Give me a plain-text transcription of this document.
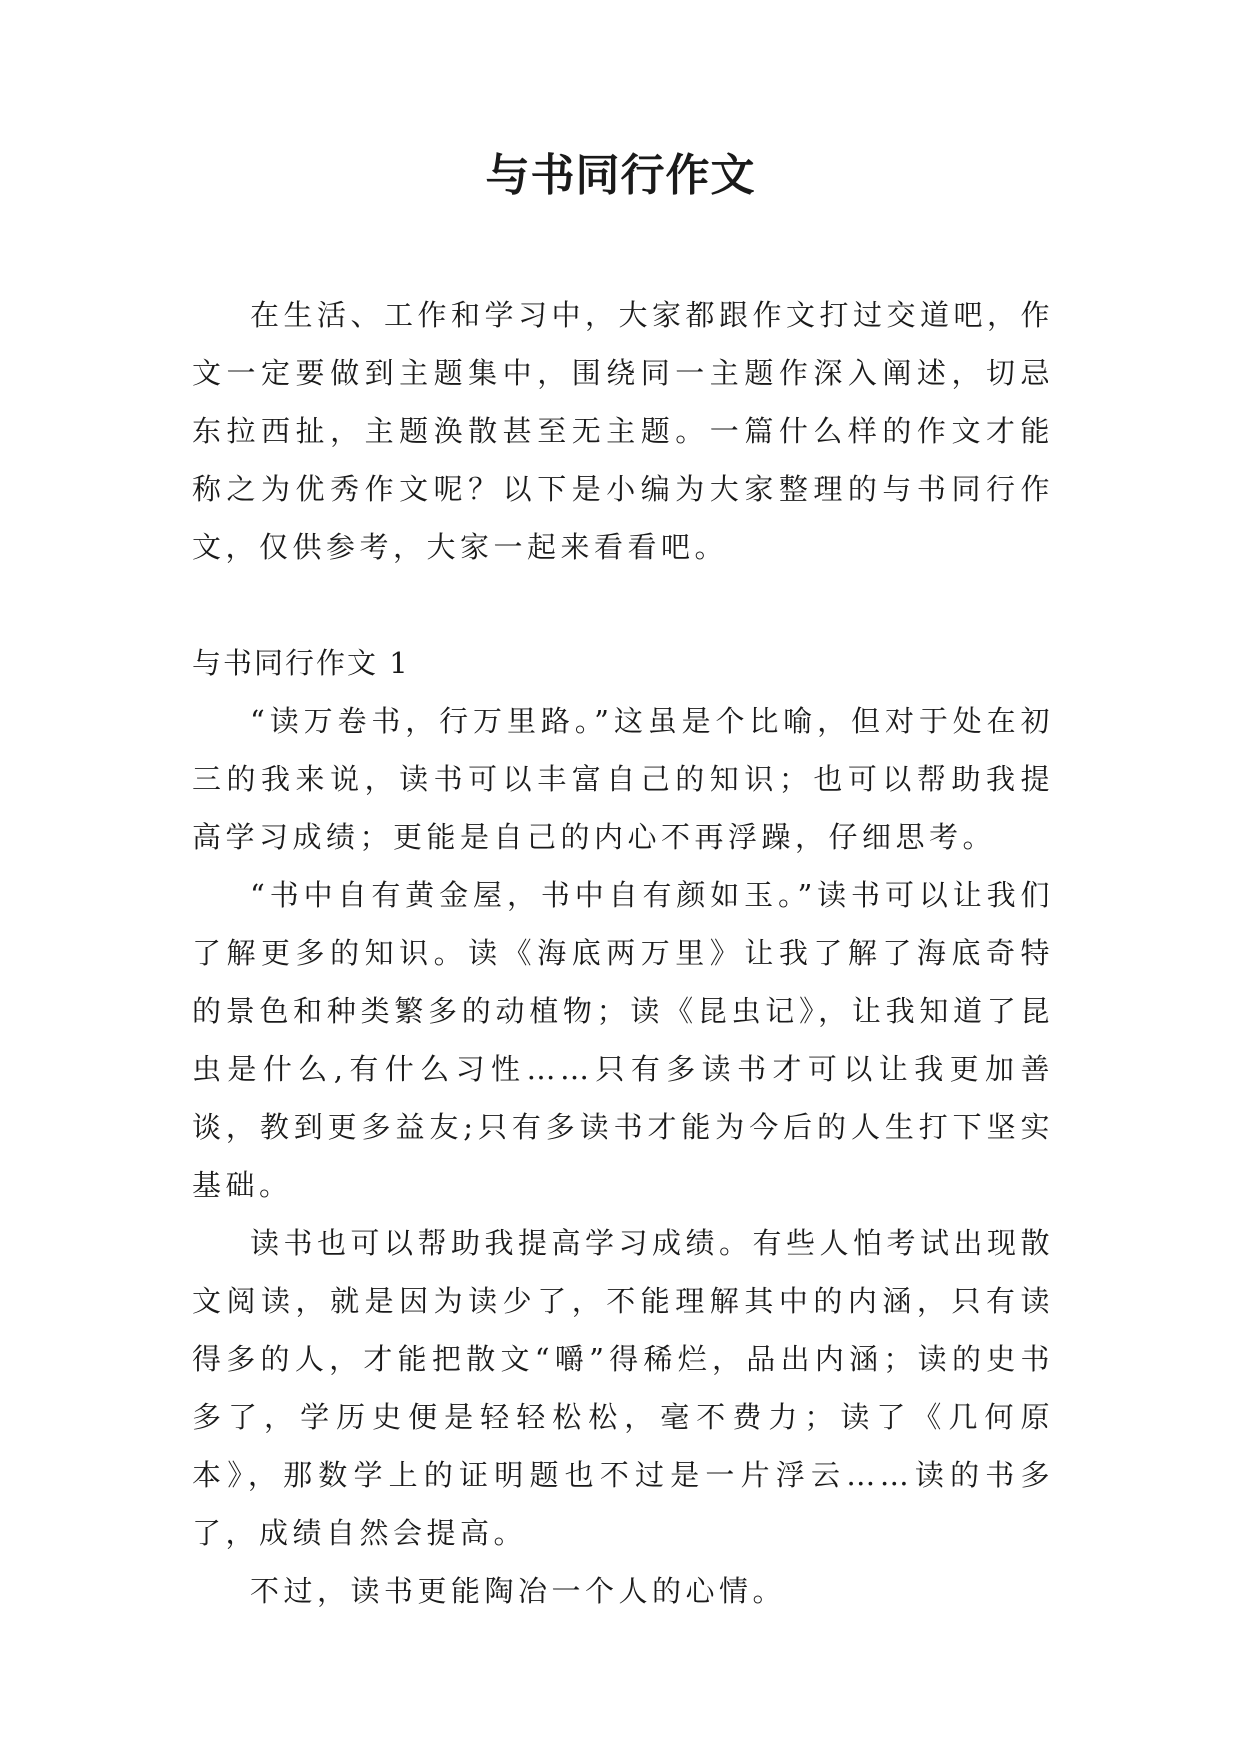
与书同行作文

在生活、工作和学习中，大家都跟作文打过交道吧，作文一定要做到主题集中，围绕同一主题作深入阐述，切忌东拉西扯，主题涣散甚至无主题。一篇什么样的作文才能称之为优秀作文呢？以下是小编为大家整理的与书同行作文，仅供参考，大家一起来看看吧。

与书同行作文 1

“读万卷书，行万里路。”这虽是个比喻，但对于处在初三的我来说，读书可以丰富自己的知识；也可以帮助我提高学习成绩；更能是自己的内心不再浮躁，仔细思考。

“书中自有黄金屋，书中自有颜如玉。”读书可以让我们了解更多的知识。读《海底两万里》让我了解了海底奇特的景色和种类繁多的动植物；读《昆虫记》，让我知道了昆虫是什么,有什么习性……只有多读书才可以让我更加善谈，教到更多益友;只有多读书才能为今后的人生打下坚实基础。

读书也可以帮助我提高学习成绩。有些人怕考试出现散文阅读，就是因为读少了，不能理解其中的内涵，只有读得多的人，才能把散文“嚼”得稀烂，品出内涵；读的史书多了，学历史便是轻轻松松，毫不费力；读了《几何原本》，那数学上的证明题也不过是一片浮云……读的书多了，成绩自然会提高。

不过，读书更能陶冶一个人的心情。
